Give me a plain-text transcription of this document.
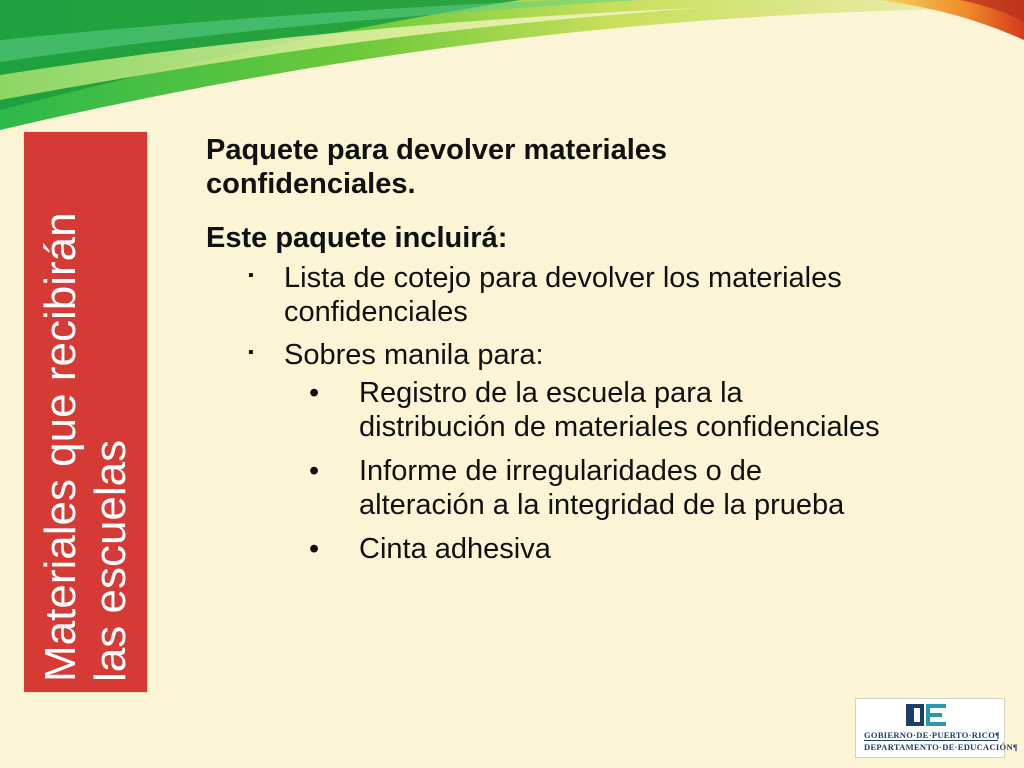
Materiales que recibirán las escuelas

Paquete para devolver materiales
confidenciales.

Este paquete incluirá:

▪ Lista de cotejo para devolver los materiales
confidenciales
▪ Sobres manila para:
• Registro de la escuela para la
distribución de materiales confidenciales
• Informe de irregularidades o de
alteración a la integridad de la prueba
• Cinta adhesiva
GOBIERNO·DE·PUERTO·RICO¶
DEPARTAMENTO·DE·EDUCACIÓN¶
